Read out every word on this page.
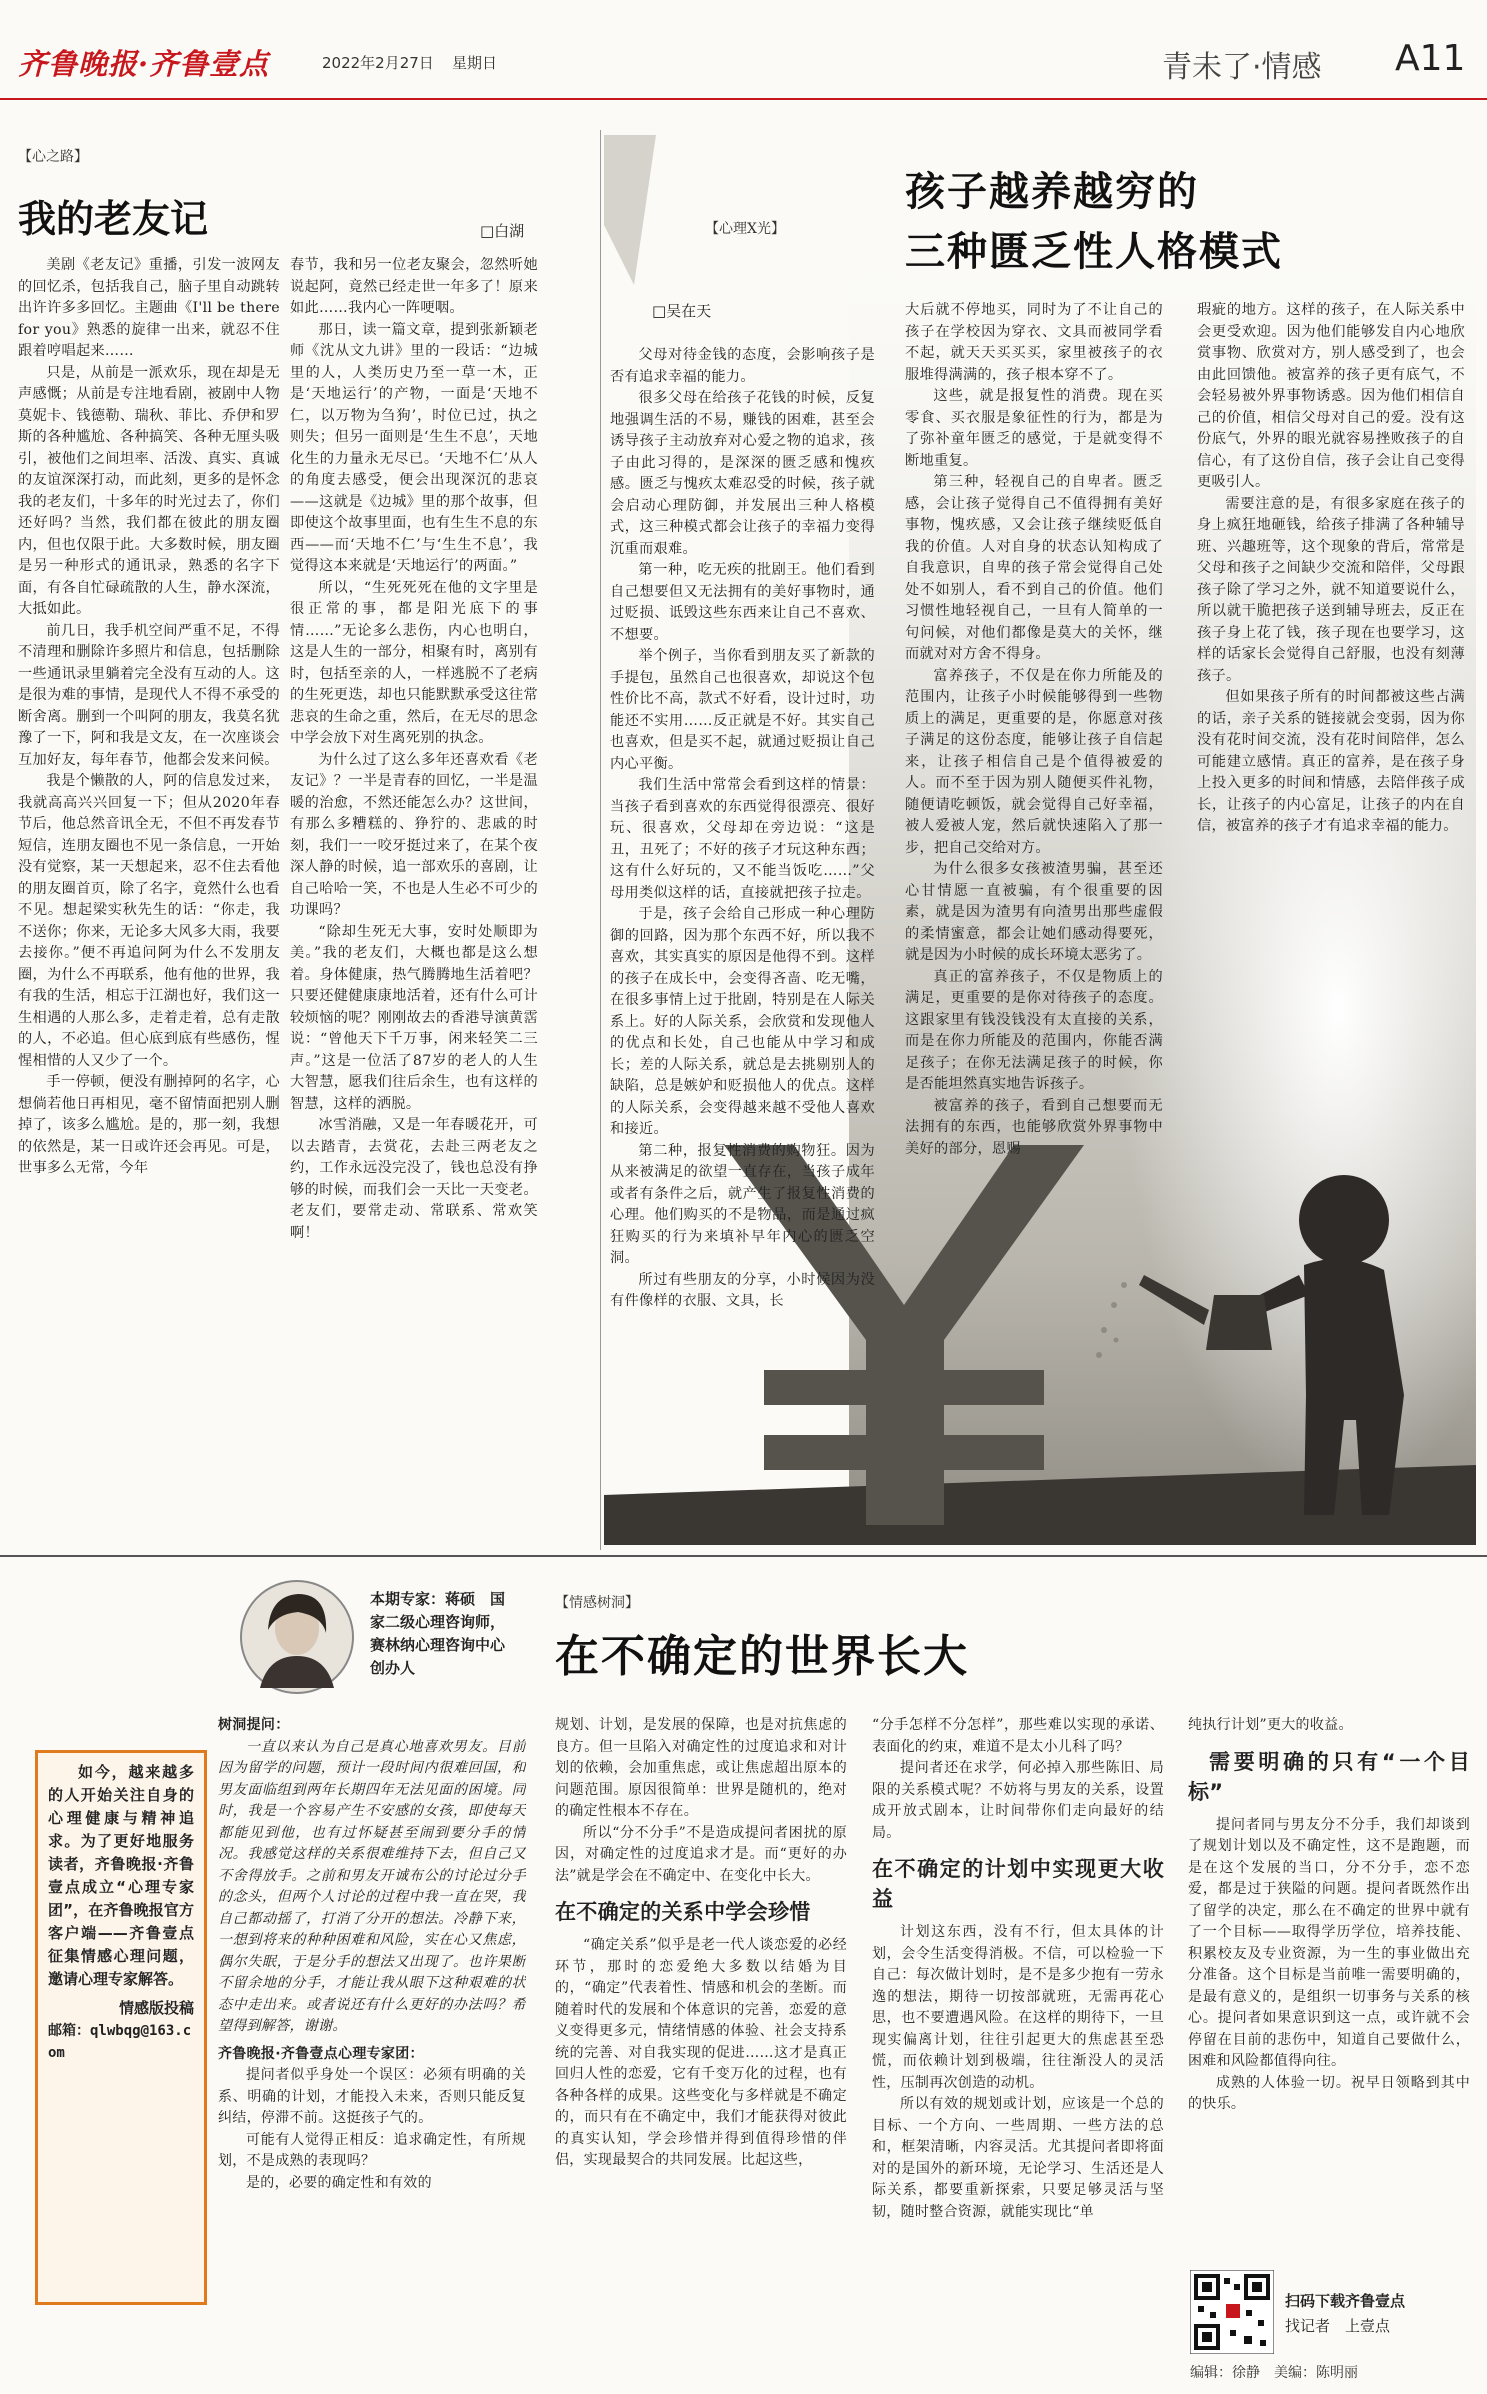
齐鲁晚报·齐鲁壹点	2022年2月27日 星期日	青未了·情感 A11
【心之路】
我的老友记	□白湖

美剧《老友记》重播，引发一波网友的回忆杀，包括我自己，脑子里自动跳转出许许多多回忆。主题曲《I'll be there for you》熟悉的旋律一出来，就忍不住跟着哼唱起来……

只是，从前是一派欢乐，现在却是无声感慨；从前是专注地看剧，被剧中人物莫妮卡、钱德勒、瑞秋、菲比、乔伊和罗斯的各种尴尬、各种搞笑、各种无厘头吸引，被他们之间坦率、活泼、真实、真诚的友谊深深打动，而此刻，更多的是怀念我的老友们，十多年的时光过去了，你们还好吗？当然，我们都在彼此的朋友圈内，但也仅限于此。大多数时候，朋友圈是另一种形式的通讯录，熟悉的名字下面，有各自忙碌疏散的人生，静水深流，大抵如此。

前几日，我手机空间严重不足，不得不清理和删除许多照片和信息，包括删除一些通讯录里躺着完全没有互动的人。这是很为难的事情，是现代人不得不承受的断舍离。删到一个叫阿的朋友，我莫名犹豫了一下，阿和我是文友，在一次座谈会互加好友，每年春节，他都会发来问候。

我是个懒散的人，阿的信息发过来，我就高高兴兴回复一下；但从2020年春节后，他总然音讯全无，不但不再发春节短信，连朋友圈也不见一条信息，一开始没有觉察，某一天想起来，忍不住去看他的朋友圈首页，除了名字，竟然什么也看不见。想起梁实秋先生的话：“你走，我不送你；你来，无论多大风多大雨，我要去接你。”便不再追问阿为什么不发朋友圈，为什么不再联系，他有他的世界，我有我的生活，相忘于江湖也好，我们这一生相遇的人那么多，走着走着，总有走散的人，不必追。但心底到底有些感伤，惺惺相惜的人又少了一个。

手一停顿，便没有删掉阿的名字，心想倘若他日再相见，毫不留情面把别人删掉了，该多么尴尬。是的，那一刻，我想的依然是，某一日或许还会再见。可是，世事多么无常，今年

春节，我和另一位老友聚会，忽然听她说起阿，竟然已经走世一年多了！原来如此……我内心一阵哽咽。

那日，读一篇文章，提到张新颖老师《沈从文九讲》里的一段话：“边城里的人，人类历史乃至一草一木，正是‘天地运行’的产物，一面是‘天地不仁，以万物为刍狗’，时位已过，执之则失；但另一面则是‘生生不息’，天地化生的力量永无尽已。‘天地不仁’从人的角度去感受，便会出现深沉的悲哀——这就是《边城》里的那个故事，但即使这个故事里面，也有生生不息的东西——而‘天地不仁’与‘生生不息’，我觉得这本来就是‘天地运行’的两面。”

所以，“生死死死在他的文字里是很正常的事，都是阳光底下的事情……”无论多么悲伤，内心也明白，这是人生的一部分，相聚有时，离别有时，包括至亲的人，一样逃脱不了老病的生死更迭，却也只能默默承受这往常悲哀的生命之重，然后，在无尽的思念中学会放下对生离死别的执念。

为什么过了这么多年还喜欢看《老友记》？一半是青春的回忆，一半是温暖的治愈，不然还能怎么办？这世间，有那么多糟糕的、狰狞的、悲戚的时刻，我们一一咬牙挺过来了，在某个夜深人静的时候，追一部欢乐的喜剧，让自己哈哈一笑，不也是人生必不可少的功课吗？

“除却生死无大事，安时处顺即为美。”我的老友们，大概也都是这么想着。身体健康，热气腾腾地生活着吧？只要还健健康康地活着，还有什么可计较烦恼的呢？刚刚故去的香港导演黄霑说：“曾他天下千万事，闲来轻笑二三声。”这是一位活了87岁的老人的人生大智慧，愿我们往后余生，也有这样的智慧，这样的洒脱。

冰雪消融，又是一年春暖花开，可以去踏青，去赏花，去赴三两老友之约，工作永远没完没了，钱也总没有挣够的时候，而我们会一天比一天变老。老友们，要常走动、常联系、常欢笑啊！

【心理X光】
□吴在天
孩子越养越穷的
三种匮乏性人格模式

父母对待金钱的态度，会影响孩子是否有追求幸福的能力。

很多父母在给孩子花钱的时候，反复地强调生活的不易，赚钱的困难，甚至会诱导孩子主动放弃对心爱之物的追求，孩子由此习得的，是深深的匮乏感和愧疚感。匮乏与愧疚太难忍受的时候，孩子就会启动心理防御，并发展出三种人格模式，这三种模式都会让孩子的幸福力变得沉重而艰难。

第一种，吃无疾的批剧王。他们看到自己想要但又无法拥有的美好事物时，通过贬损、诋毁这些东西来让自己不喜欢、不想要。

举个例子，当你看到朋友买了新款的手提包，虽然自己也很喜欢，却说这个包性价比不高，款式不好看，设计过时，功能还不实用……反正就是不好。其实自己也喜欢，但是买不起，就通过贬损让自己内心平衡。

我们生活中常常会看到这样的情景：当孩子看到喜欢的东西觉得很漂亮、很好玩、很喜欢，父母却在旁边说：“这是丑，丑死了；不好的孩子才玩这种东西；这有什么好玩的，又不能当饭吃……”父母用类似这样的话，直接就把孩子拉走。

于是，孩子会给自己形成一种心理防御的回路，因为那个东西不好，所以我不喜欢，其实真实的原因是他得不到。这样的孩子在成长中，会变得吝啬、吃无嘴，在很多事情上过于批剧，特别是在人际关系上。好的人际关系，会欣赏和发现他人的优点和长处，自己也能从中学习和成长；差的人际关系，就总是去挑剔别人的缺陷，总是嫉妒和贬损他人的优点。这样的人际关系，会变得越来越不受他人喜欢和接近。

第二种，报复性消费的购物狂。因为从来被满足的欲望一直存在，当孩子成年或者有条件之后，就产生了报复性消费的心理。他们购买的不是物品，而是通过疯狂购买的行为来填补早年内心的匮乏空洞。

所过有些朋友的分享，小时候因为没有件像样的衣服、文具，长

大后就不停地买，同时为了不让自己的孩子在学校因为穿衣、文具而被同学看不起，就天天买买买，家里被孩子的衣服堆得满满的，孩子根本穿不了。

这些，就是报复性的消费。现在买零食、买衣服是象征性的行为，都是为了弥补童年匮乏的感觉，于是就变得不断地重复。

第三种，轻视自己的自卑者。匮乏感，会让孩子觉得自己不值得拥有美好事物，愧疚感，又会让孩子继续贬低自我的价值。人对自身的状态认知构成了自我意识，自卑的孩子常会觉得自己处处不如别人，看不到自己的价值。他们习惯性地轻视自己，一旦有人简单的一句问候，对他们都像是莫大的关怀，继而就对对方舍不得身。

富养孩子，不仅是在你力所能及的范围内，让孩子小时候能够得到一些物质上的满足，更重要的是，你愿意对孩子满足的这份态度，能够让孩子自信起来，让孩子相信自己是个值得被爱的人。而不至于因为别人随便买件礼物，随便请吃顿饭，就会觉得自己好幸福，被人爱被人宠，然后就快速陷入了那一步，把自己交给对方。

为什么很多女孩被渣男骗，甚至还心甘情愿一直被骗，有个很重要的因素，就是因为渣男有向渣男出那些虚假的柔情蜜意，都会让她们感动得要死，就是因为小时候的成长环境太恶劣了。

真正的富养孩子，不仅是物质上的满足，更重要的是你对待孩子的态度。这跟家里有钱没钱没有太直接的关系，而是在你力所能及的范围内，你能否满足孩子；在你无法满足孩子的时候，你是否能坦然真实地告诉孩子。

被富养的孩子，看到自己想要而无法拥有的东西，也能够欣赏外界事物中美好的部分，恩赐

瑕疵的地方。这样的孩子，在人际关系中会更受欢迎。因为他们能够发自内心地欣赏事物、欣赏对方，别人感受到了，也会由此回馈他。被富养的孩子更有底气，不会轻易被外界事物诱惑。因为他们相信自己的价值，相信父母对自己的爱。没有这份底气，外界的眼光就容易挫败孩子的自信心，有了这份自信，孩子会让自己变得更吸引人。

需要注意的是，有很多家庭在孩子的身上疯狂地砸钱，给孩子排满了各种辅导班、兴趣班等，这个现象的背后，常常是父母和孩子之间缺少交流和陪伴，父母跟孩子除了学习之外，就不知道要说什么，所以就干脆把孩子送到辅导班去，反正在孩子身上花了钱，孩子现在也要学习，这样的话家长会觉得自己舒服，也没有刻薄孩子。

但如果孩子所有的时间都被这些占满的话，亲子关系的链接就会变弱，因为你没有花时间交流，没有花时间陪伴，怎么可能建立感情。真正的富养，是在孩子身上投入更多的时间和情感，去陪伴孩子成长，让孩子的内心富足，让孩子的内在自信，被富养的孩子才有追求幸福的能力。

本期专家：蒋硕　国家二级心理咨询师，赛林纳心理咨询中心创办人
【情感树洞】
在不确定的世界长大
如今，越来越多的人开始关注自身的心理健康与精神追求。为了更好地服务读者，齐鲁晚报·齐鲁壹点成立“心理专家团”，在齐鲁晚报官方客户端——齐鲁壹点征集情感心理问题，邀请心理专家解答。
情感版投稿
邮箱：qlwbqg@163.com
树洞提问：

一直以来认为自己是真心地喜欢男友。目前因为留学的问题，预计一段时间内很难回国，和男友面临组到两年长期四年无法见面的困境。同时，我是一个容易产生不安感的女孩，即使每天都能见到他，也有过怀疑甚至闹到要分手的情况。我感觉这样的关系很难维持下去，但自己又不舍得放手。之前和男友开诚布公的讨论过分手的念头，但两个人讨论的过程中我一直在哭，我自己都动摇了，打消了分开的想法。冷静下来，一想到将来的种种困难和风险，实在心又焦虑，偶尔失眠，于是分手的想法又出现了。也许果断不留余地的分手，才能让我从眼下这种艰难的状态中走出来。或者说还有什么更好的办法吗？希望得到解答，谢谢。

齐鲁晚报·齐鲁壹点心理专家团：

提问者似乎身处一个误区：必须有明确的关系、明确的计划，才能投入未来，否则只能反复纠结，停滞不前。这挺孩子气的。

可能有人觉得正相反：追求确定性，有所规划，不是成熟的表现吗？

是的，必要的确定性和有效的

规划、计划，是发展的保障，也是对抗焦虑的良方。但一旦陷入对确定性的过度追求和对计划的依赖，会加重焦虑，或让焦虑超出原本的问题范围。原因很简单：世界是随机的，绝对的确定性根本不存在。

所以“分不分手”不是造成提问者困扰的原因，对确定性的过度追求才是。而“更好的办法”就是学会在不确定中、在变化中长大。

在不确定的关系中学会珍惜

“确定关系”似乎是老一代人谈恋爱的必经环节，那时的恋爱绝大多数以结婚为目的，“确定”代表着性、情感和机会的垄断。而随着时代的发展和个体意识的完善，恋爱的意义变得更多元，情绪情感的体验、社会支持系统的完善、对自我实现的促进……这才是真正回归人性的恋爱，它有千变万化的过程，也有各种各样的成果。这些变化与多样就是不确定的，而只有在不确定中，我们才能获得对彼此的真实认知，学会珍惜并得到值得珍惜的伴侣，实现最契合的共同发展。比起这些，

“分手怎样不分怎样”，那些难以实现的承诺、表面化的约束，难道不是太小儿科了吗？

提问者还在求学，何必掉入那些陈旧、局限的关系模式呢？不妨将与男友的关系，设置成开放式剧本，让时间带你们走向最好的结局。

在不确定的计划中实现更大收益

计划这东西，没有不行，但太具体的计划，会令生活变得消极。不信，可以检验一下自己：每次做计划时，是不是多少抱有一劳永逸的想法，期待一切按部就班，无需再花心思，也不要遭遇风险。在这样的期待下，一旦现实偏离计划，往往引起更大的焦虑甚至恐慌，而依赖计划到极端，往往渐没人的灵活性，压制再次创造的动机。

所以有效的规划或计划，应该是一个总的目标、一个方向、一些周期、一些方法的总和，框架清晰，内容灵活。尤其提问者即将面对的是国外的新环境，无论学习、生活还是人际关系，都要重新探索，只要足够灵活与坚韧，随时整合资源，就能实现比“单

纯执行计划”更大的收益。

需要明确的只有“一个目标”

提问者同与男友分不分手，我们却谈到了规划计划以及不确定性，这不是跑题，而是在这个发展的当口，分不分手，恋不恋爱，都是过于狭隘的问题。提问者既然作出了留学的决定，那么在不确定的世界中就有了一个目标——取得学历学位，培养技能、积累校友及专业资源，为一生的事业做出充分准备。这个目标是当前唯一需要明确的，是最有意义的，是组织一切事务与关系的核心。提问者如果意识到这一点，或许就不会停留在目前的悲伤中，知道自己要做什么，困难和风险都值得向往。

成熟的人体验一切。祝早日领略到其中的快乐。

扫码下载齐鲁壹点
找记者　上壹点
编辑：徐静　美编：陈明丽
